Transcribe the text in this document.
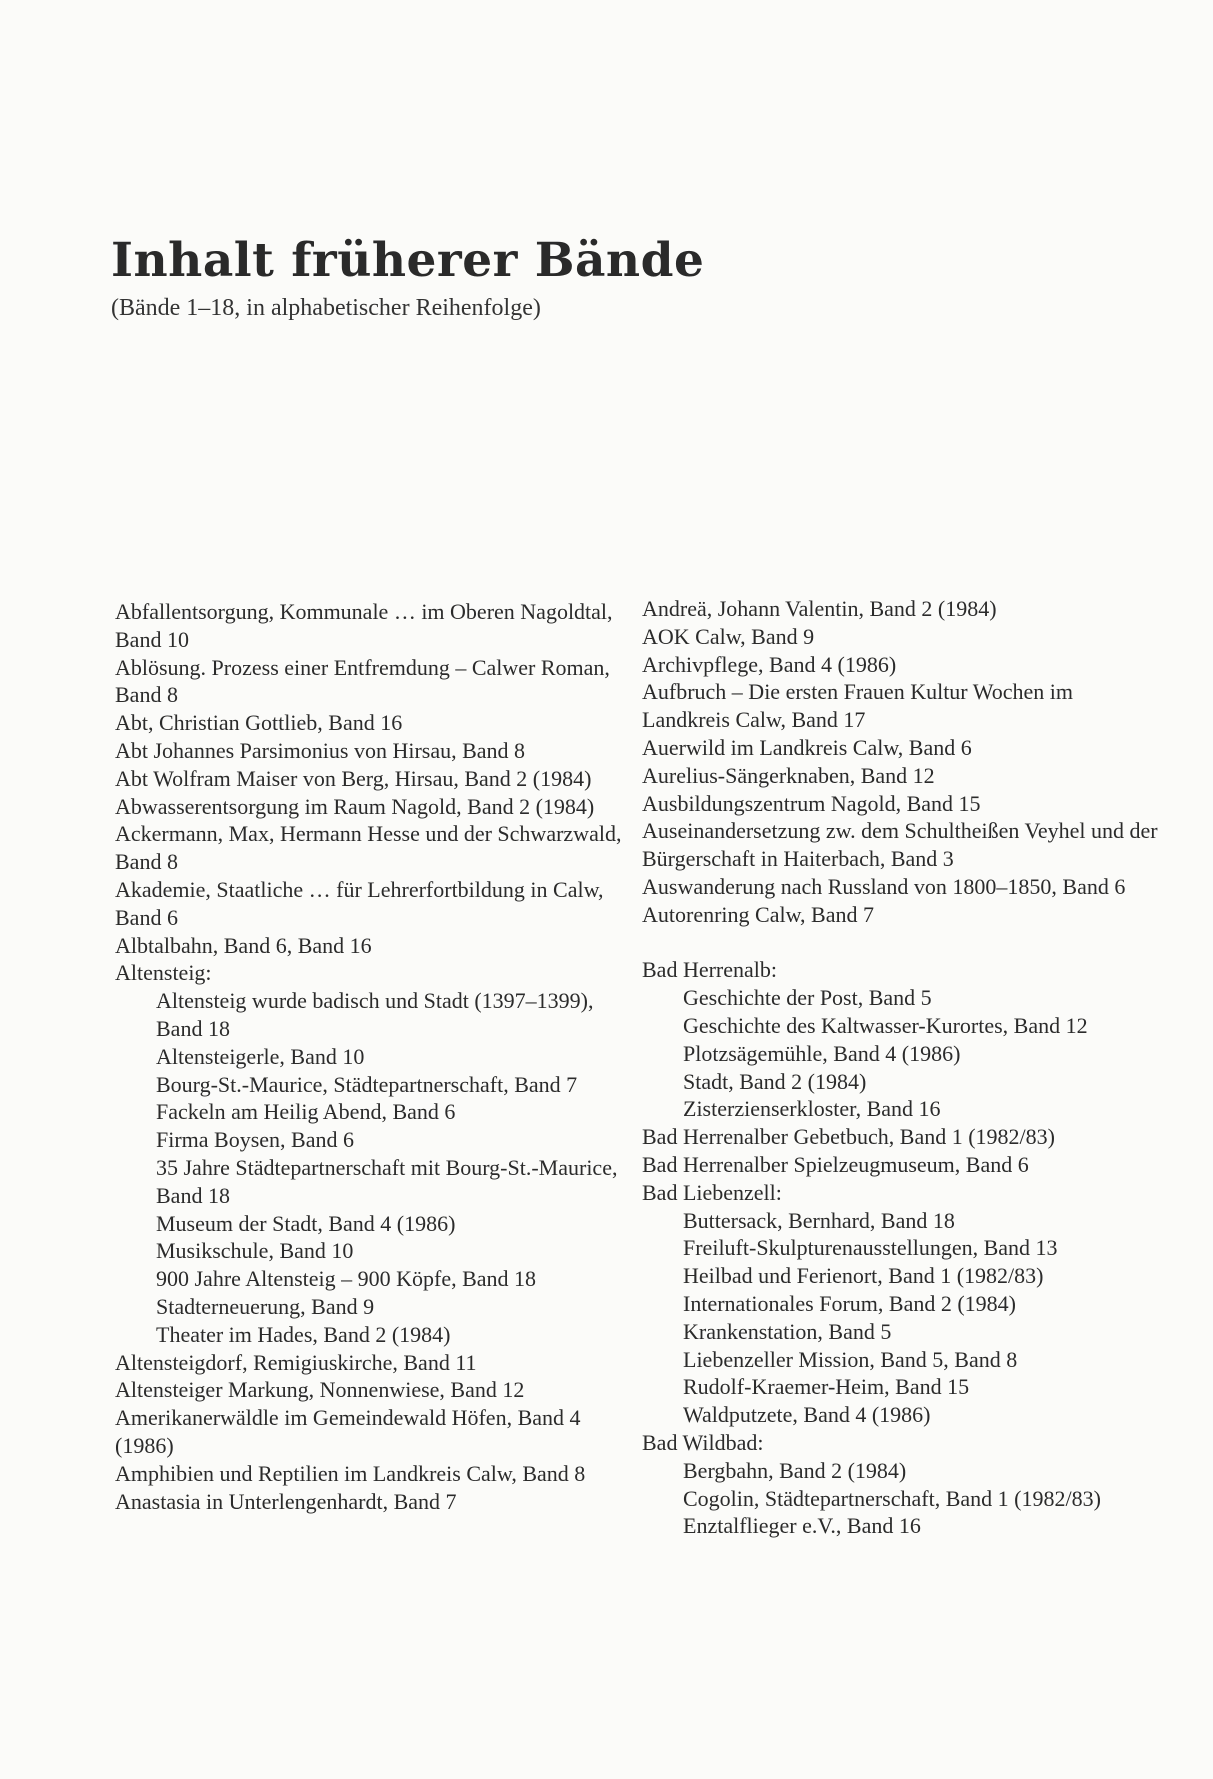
Inhalt früherer Bände

(Bände 1–18, in alphabetischer Reihenfolge)

Abfallentsorgung, Kommunale … im Oberen Nagoldtal, Band 10

Ablösung. Prozess einer Entfremdung – Calwer Roman, Band 8

Abt, Christian Gottlieb, Band 16

Abt Johannes Parsimonius von Hirsau, Band 8

Abt Wolfram Maiser von Berg, Hirsau, Band 2 (1984)

Abwasserentsorgung im Raum Nagold, Band 2 (1984)

Ackermann, Max, Hermann Hesse und der Schwarzwald, Band 8

Akademie, Staatliche … für Lehrerfortbildung in Calw, Band 6

Albtalbahn, Band 6, Band 16

Altensteig:

Altensteig wurde badisch und Stadt (1397–1399), Band 18

Altensteigerle, Band 10

Bourg-St.-Maurice, Städtepartnerschaft, Band 7

Fackeln am Heilig Abend, Band 6

Firma Boysen, Band 6

35 Jahre Städtepartnerschaft mit Bourg-St.-Maurice, Band 18

Museum der Stadt, Band 4 (1986)

Musikschule, Band 10

900 Jahre Altensteig – 900 Köpfe, Band 18

Stadterneuerung, Band 9

Theater im Hades, Band 2 (1984)

Altensteigdorf, Remigiuskirche, Band 11

Altensteiger Markung, Nonnenwiese, Band 12

Amerikanerwäldle im Gemeindewald Höfen, Band 4 (1986)

Amphibien und Reptilien im Landkreis Calw, Band 8

Anastasia in Unterlengenhardt, Band 7

Andreä, Johann Valentin, Band 2 (1984)

AOK Calw, Band 9

Archivpflege, Band 4 (1986)

Aufbruch – Die ersten Frauen Kultur Wochen im Landkreis Calw, Band 17

Auerwild im Landkreis Calw, Band 6

Aurelius-Sängerknaben, Band 12

Ausbildungszentrum Nagold, Band 15

Auseinandersetzung zw. dem Schultheißen Veyhel und der Bürgerschaft in Haiterbach, Band 3

Auswanderung nach Russland von 1800–1850, Band 6

Autorenring Calw, Band 7

Bad Herrenalb:

Geschichte der Post, Band 5

Geschichte des Kaltwasser-Kurortes, Band 12

Plotzsägemühle, Band 4 (1986)

Stadt, Band 2 (1984)

Zisterzienserkloster, Band 16

Bad Herrenalber Gebetbuch, Band 1 (1982/83)

Bad Herrenalber Spielzeugmuseum, Band 6

Bad Liebenzell:

Buttersack, Bernhard, Band 18

Freiluft-Skulpturenausstellungen, Band 13

Heilbad und Ferienort, Band 1 (1982/83)

Internationales Forum, Band 2 (1984)

Krankenstation, Band 5

Liebenzeller Mission, Band 5, Band 8

Rudolf-Kraemer-Heim, Band 15

Waldputzete, Band 4 (1986)

Bad Wildbad:

Bergbahn, Band 2 (1984)

Cogolin, Städtepartnerschaft, Band 1 (1982/83)

Enztalflieger e.V., Band 16
